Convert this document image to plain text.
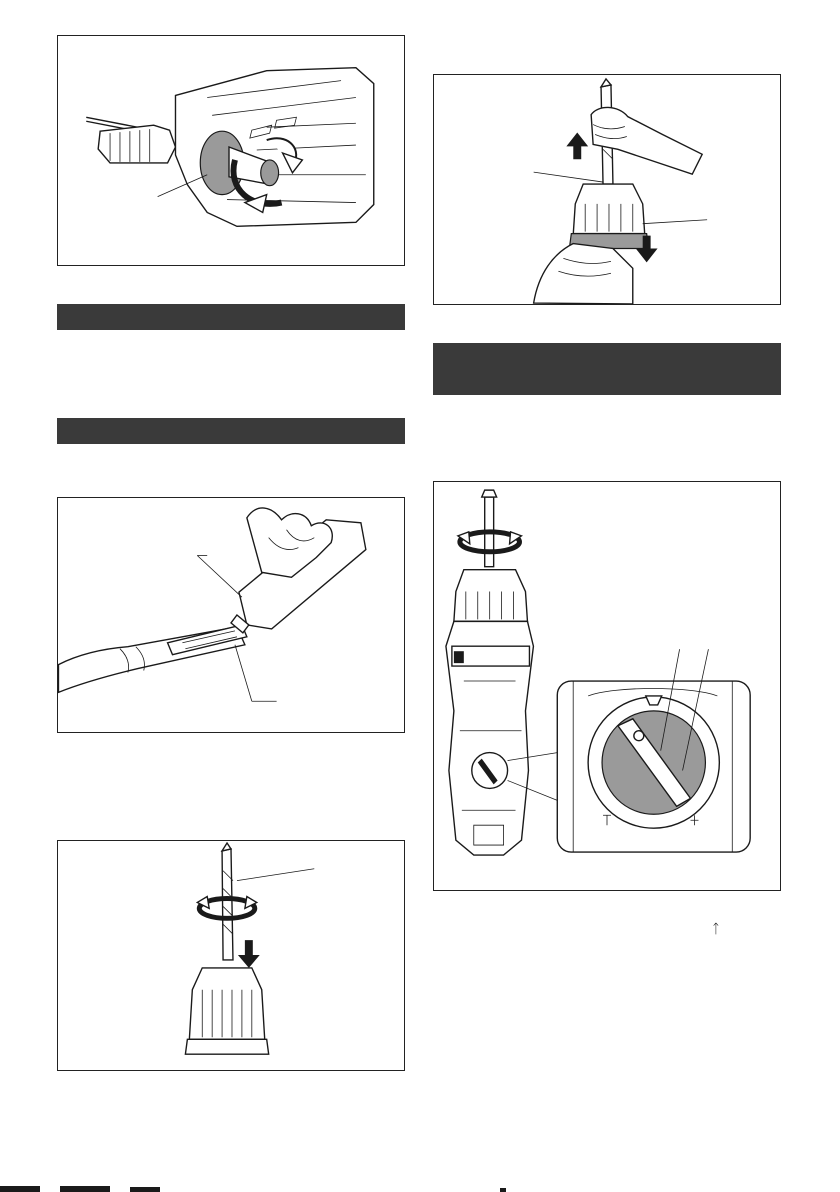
ᛏ
